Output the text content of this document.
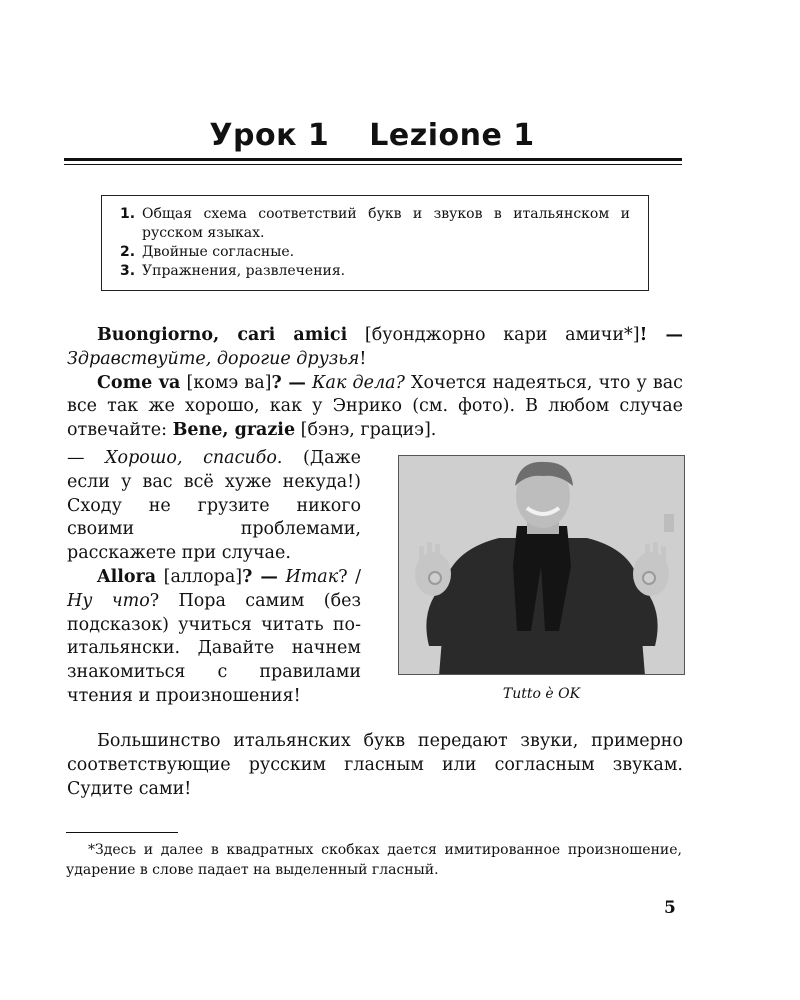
Урок 1 Lezione 1
1. Общая схема соответствий букв и звуков в итальянском и русском языках.
2. Двойные согласные.
3. Упражнения, развлечения.
Buongiorno, cari amici [буонджорно кари амичи*]! — Здравствуйте, дорогие друзья!
Come va [комэ ва]? — Как дела? Хочется надеяться, что у вас все так же хорошо, как у Энрико (см. фото). В любом случае отвечайте: Bene, grazie [бэнэ, грациэ].
— Хорошо, спасибо. (Даже если у вас всё хуже некуда!) Сходу не грузите никого своими проблемами, расскажете при случае.
Allora [аллора]? — Итак? / Ну что? Пора самим (без подсказок) учиться читать по-итальянски. Давайте начнем знакомиться с правилами чтения и произношения!	Tutto è OK
Большинство итальянских букв передают звуки, примерно соответствующие русским гласным или согласным звукам. Судите сами!
*Здесь и далее в квадратных скобках дается имитированное произношение, ударение в слове падает на выделенный гласный.
5
